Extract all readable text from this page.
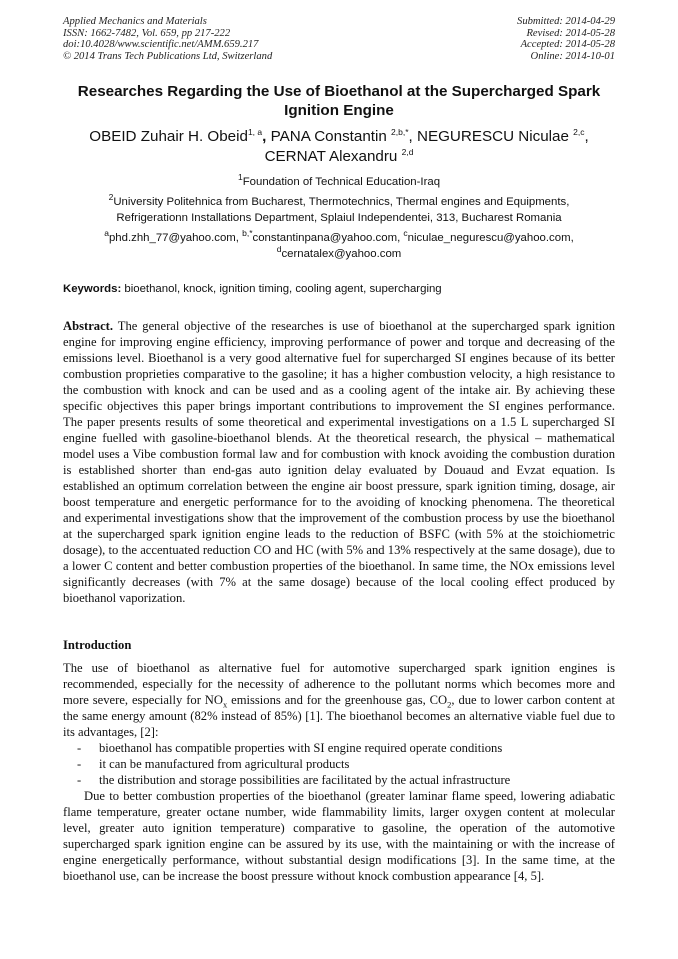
Applied Mechanics and Materials
ISSN: 1662-7482, Vol. 659, pp 217-222
doi:10.4028/www.scientific.net/AMM.659.217
© 2014 Trans Tech Publications Ltd, Switzerland
Submitted: 2014-04-29
Revised: 2014-05-28
Accepted: 2014-05-28
Online: 2014-10-01
Researches Regarding the Use of Bioethanol at the Supercharged Spark
Ignition Engine
OBEID Zuhair H. Obeid$^{1, a}$, PANA Constantin $^{2,b,*}$, NEGURESCU Niculae $^{2,c}$,
CERNAT Alexandru $^{2,d}$
$^1$Foundation of Technical Education-Iraq
$^2$University Politehnica from Bucharest, Thermotechnics, Thermal engines and Equipments,
Refrigerationn Installations Department, Splaiul Independentei, 313, Bucharest Romania
$^a$phd.zhh_77@yahoo.com, $^{b,*}$constantinpana@yahoo.com, $^c$niculae_negurescu@yahoo.com,
$^d$cernatalex@yahoo.com
Keywords: bioethanol, knock, ignition timing, cooling agent, supercharging

Abstract. The general objective of the researches is use of bioethanol at the supercharged spark ignition engine for improving engine efficiency, improving performance of power and torque and decreasing of the emissions level. Bioethanol is a very good alternative fuel for supercharged SI engines because of its better combustion proprieties comparative to the gasoline; it has a higher combustion velocity, a high resistance to the combustion with knock and can be used and as a cooling agent of the intake air. By achieving these specific objectives this paper brings important contributions to improvement the SI engines performance. The paper presents results of some theoretical and experimental investigations on a 1.5 L supercharged SI engine fuelled with gasoline-bioethanol blends. At the theoretical research, the physical – mathematical model uses a Vibe combustion formal law and for combustion with knock avoiding the combustion duration is established shorter than end-gas auto ignition delay evaluated by Douaud and Evzat equation. Is established an optimum correlation between the engine air boost pressure, spark ignition timing, dosage, air boost temperature and energetic performance for to the avoiding of knocking phenomena. The theoretical and experimental investigations show that the improvement of the combustion process by use the bioethanol at the supercharged spark ignition engine leads to the reduction of BSFC (with 5% at the stoichiometric dosage), to the accentuated reduction CO and HC (with 5% and 13% respectively at the same dosage), due to a lower C content and better combustion properties of the bioethanol. In same time, the NOx emissions level significantly decreases (with 7% at the same dosage) because of the local cooling effect produced by bioethanol vaporization.

Introduction

The use of bioethanol as alternative fuel for automotive supercharged spark ignition engines is recommended, especially for the necessity of adherence to the pollutant norms which becomes more and more severe, especially for $NO_x$ emissions and for the greenhouse gas, $CO_2$, due to lower carbon content at the same energy amount (82% instead of 85%) [1]. The bioethanol becomes an alternative viable fuel due to its advantages, [2]:

- bioethanol has compatible properties with SI engine required operate conditions
- it can be manufactured from agricultural products
- the distribution and storage possibilities are facilitated by the actual infrastructure

Due to better combustion properties of the bioethanol (greater laminar flame speed, lowering adiabatic flame temperature, greater octane number, wide flammability limits, larger oxygen content at molecular level, greater auto ignition temperature) comparative to gasoline, the operation of the automotive supercharged spark ignition engine can be assured by its use, with the maintaining or with the increase of engine energetically performance, without substantial design modifications [3]. In the same time, at the bioethanol use, can be increase the boost pressure without knock combustion appearance [4, 5].
